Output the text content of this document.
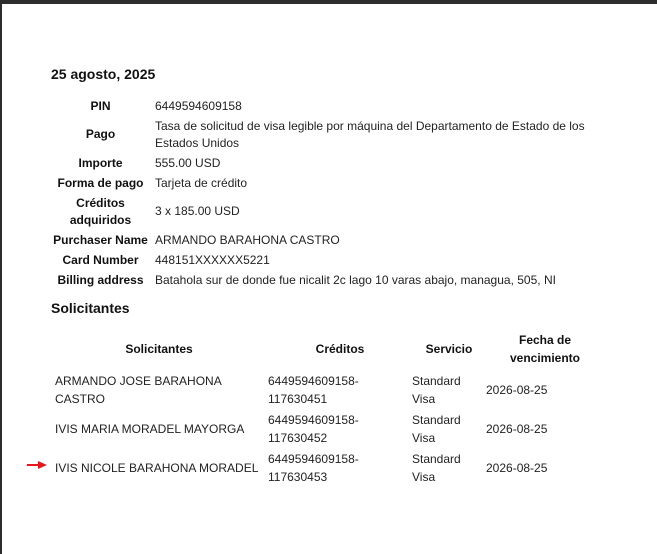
25 agosto, 2025
PIN	6449594609158
Pago	Tasa de solicitud de visa legible por máquina del Departamento de Estado de los Estados Unidos
Importe	555.00 USD
Forma de pago	Tarjeta de crédito
Créditos adquiridos	3 x 185.00 USD
Purchaser Name	ARMANDO BARAHONA CASTRO
Card Number	448151XXXXXX5221
Billing address	Batahola sur de donde fue nicalit 2c lago 10 varas abajo, managua, 505, NI
Solicitantes
Solicitantes	Créditos	Servicio	Fecha de vencimiento
ARMANDO JOSE BARAHONA CASTRO	6449594609158-117630451	Standard Visa	2026-08-25
IVIS MARIA MORADEL MAYORGA	6449594609158-117630452	Standard Visa	2026-08-25
IVIS NICOLE BARAHONA MORADEL	6449594609158-117630453	Standard Visa	2026-08-25
